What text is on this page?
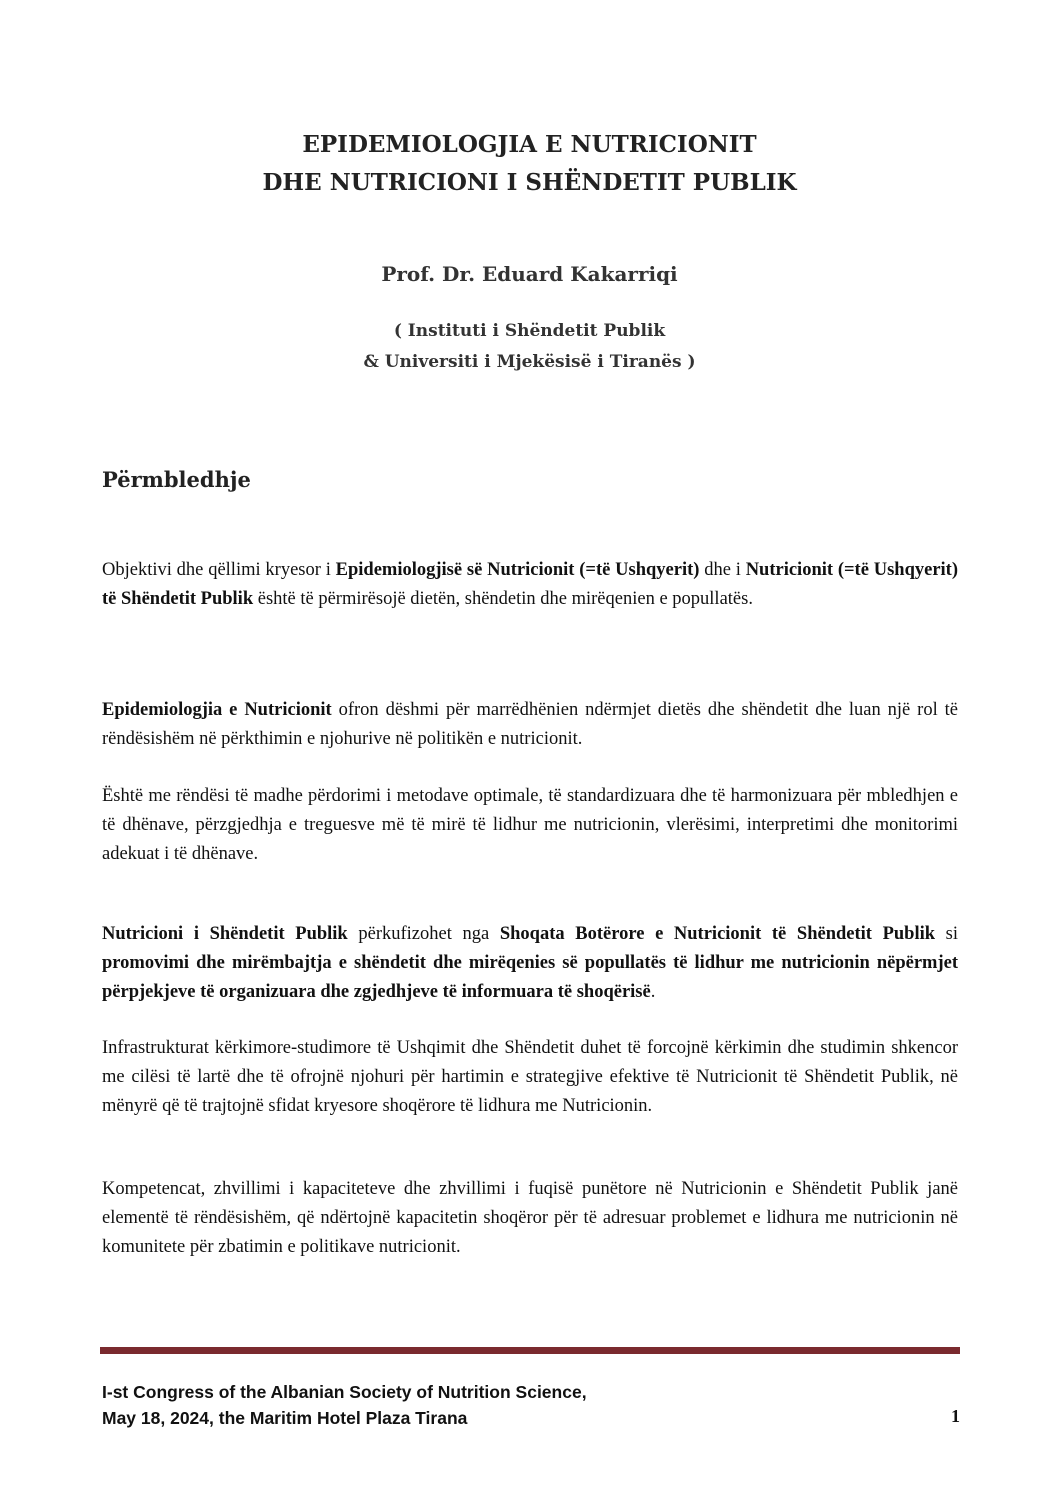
EPIDEMIOLOGJIA E NUTRICIONIT
DHE NUTRICIONI I SHËNDETIT PUBLIK
Prof. Dr. Eduard Kakarriqi
( Instituti i Shëndetit Publik
& Universiti i Mjekësisë i Tiranës )
Përmbledhje

Objektivi dhe qëllimi kryesor i Epidemiologjisë së Nutricionit (=të Ushqyerit) dhe i Nutricionit (=të Ushqyerit) të Shëndetit Publik është të përmirësojë dietën, shëndetin dhe mirëqenien e popullatës.

Epidemiologjia e Nutricionit ofron dëshmi për marrëdhënien ndërmjet dietës dhe shëndetit dhe luan një rol të rëndësishëm në përkthimin e njohurive në politikën e nutricionit.

Është me rëndësi të madhe përdorimi i metodave optimale, të standardizuara dhe të harmonizuara për mbledhjen e të dhënave, përzgjedhja e treguesve më të mirë të lidhur me nutricionin, vlerësimi, interpretimi dhe monitorimi adekuat i të dhënave.

Nutricioni i Shëndetit Publik përkufizohet nga Shoqata Botërore e Nutricionit të Shëndetit Publik si promovimi dhe mirëmbajtja e shëndetit dhe mirëqenies së popullatës të lidhur me nutricionin nëpërmjet përpjekjeve të organizuara dhe zgjedhjeve të informuara të shoqërisë.

Infrastrukturat kërkimore-studimore të Ushqimit dhe Shëndetit duhet të forcojnë kërkimin dhe studimin shkencor me cilësi të lartë dhe të ofrojnë njohuri për hartimin e strategjive efektive të Nutricionit të Shëndetit Publik, në mënyrë që të trajtojnë sfidat kryesore shoqërore të lidhura me Nutricionin.

Kompetencat, zhvillimi i kapaciteteve dhe zhvillimi i fuqisë punëtore në Nutricionin e Shëndetit Publik janë elementë të rëndësishëm, që ndërtojnë kapacitetin shoqëror për të adresuar problemet e lidhura me nutricionin në komunitete për zbatimin e politikave nutricionit.

I-st Congress of the Albanian Society of Nutrition Science,
May 18, 2024, the Maritim Hotel Plaza Tirana	1
